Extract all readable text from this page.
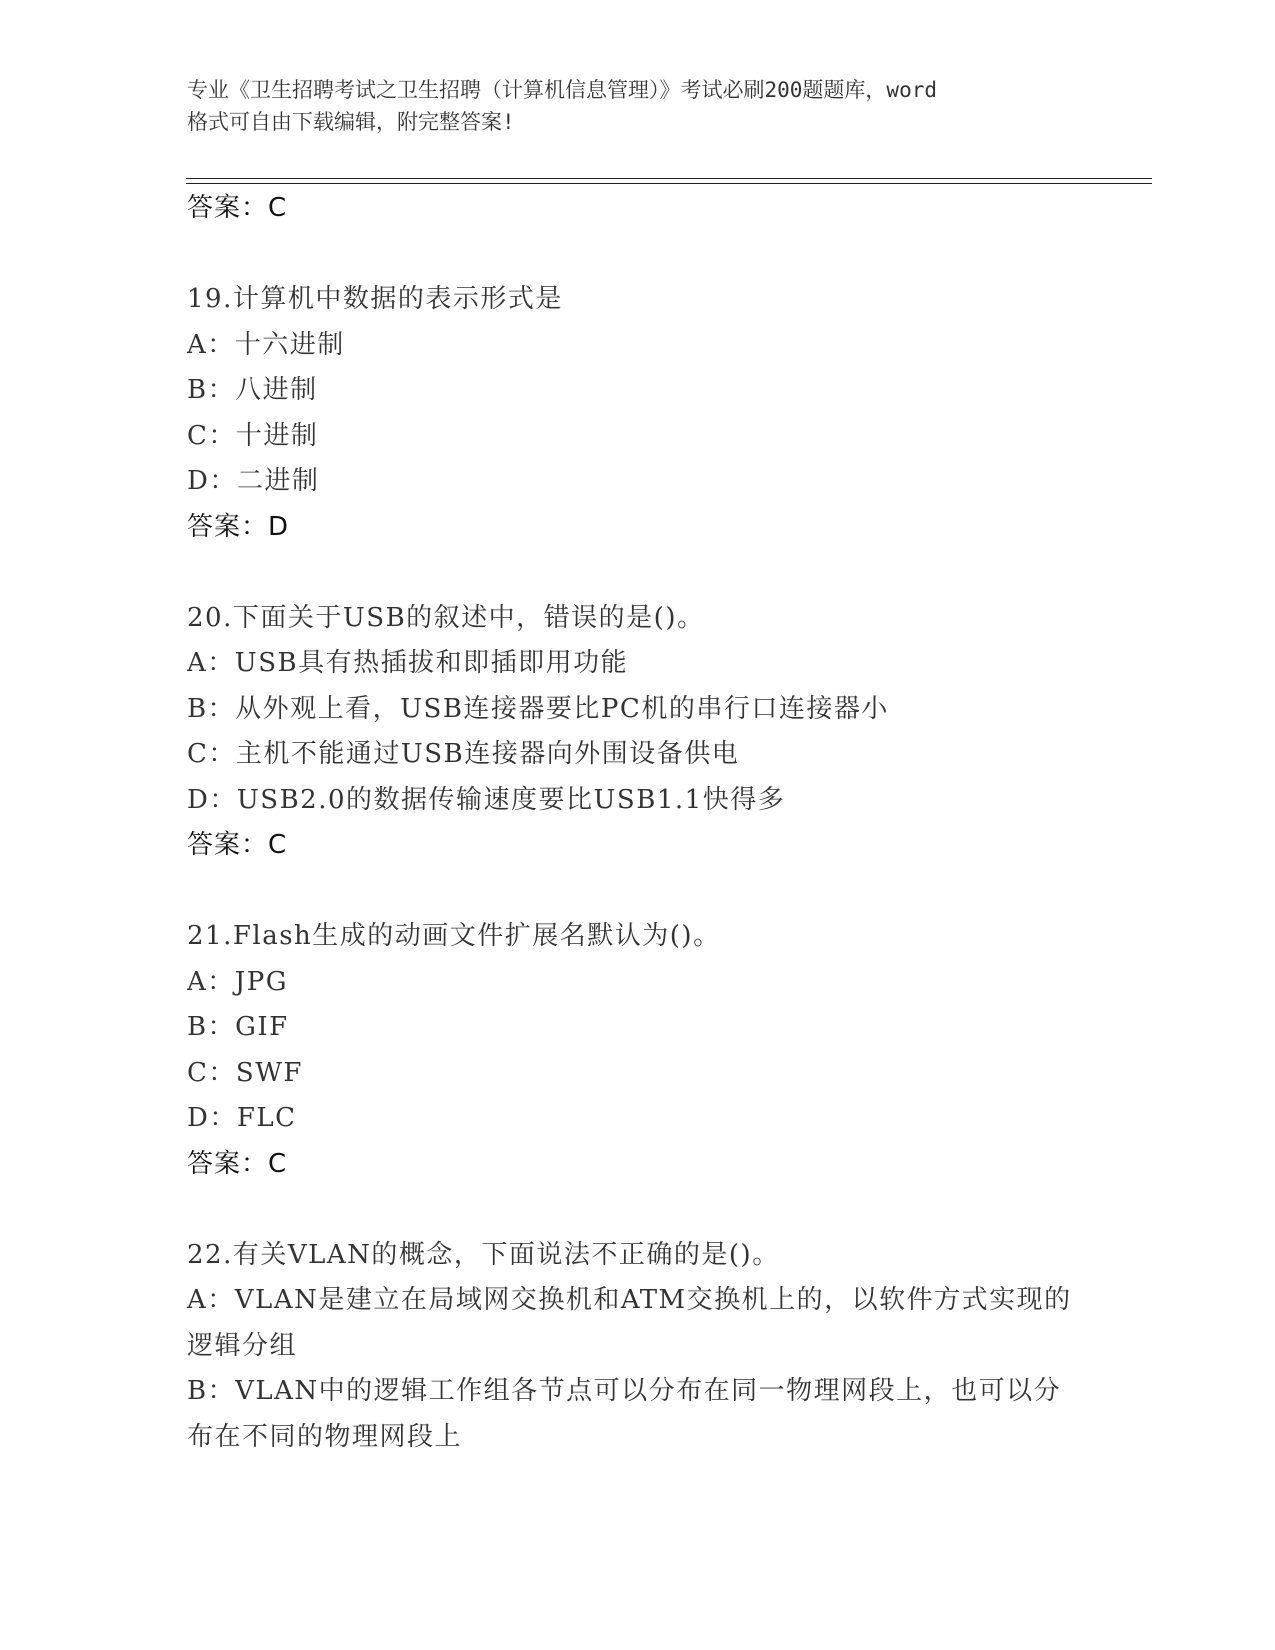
专业《卫生招聘考试之卫生招聘（计算机信息管理）》考试必刷200题题库，word
格式可自由下载编辑，附完整答案!
答案：C
19.计算机中数据的表示形式是
A：十六进制
B：八进制
C：十进制
D：二进制
答案：D
20.下面关于USB的叙述中，错误的是()。
A：USB具有热插拔和即插即用功能
B：从外观上看，USB连接器要比PC机的串行口连接器小
C：主机不能通过USB连接器向外围设备供电
D：USB2.0的数据传输速度要比USB1.1快得多
答案：C
21.Flash生成的动画文件扩展名默认为()。
A：JPG
B：GIF
C：SWF
D：FLC
答案：C
22.有关VLAN的概念，下面说法不正确的是()。
A：VLAN是建立在局域网交换机和ATM交换机上的，以软件方式实现的逻辑分组
B：VLAN中的逻辑工作组各节点可以分布在同一物理网段上，也可以分布在不同的物理网段上
